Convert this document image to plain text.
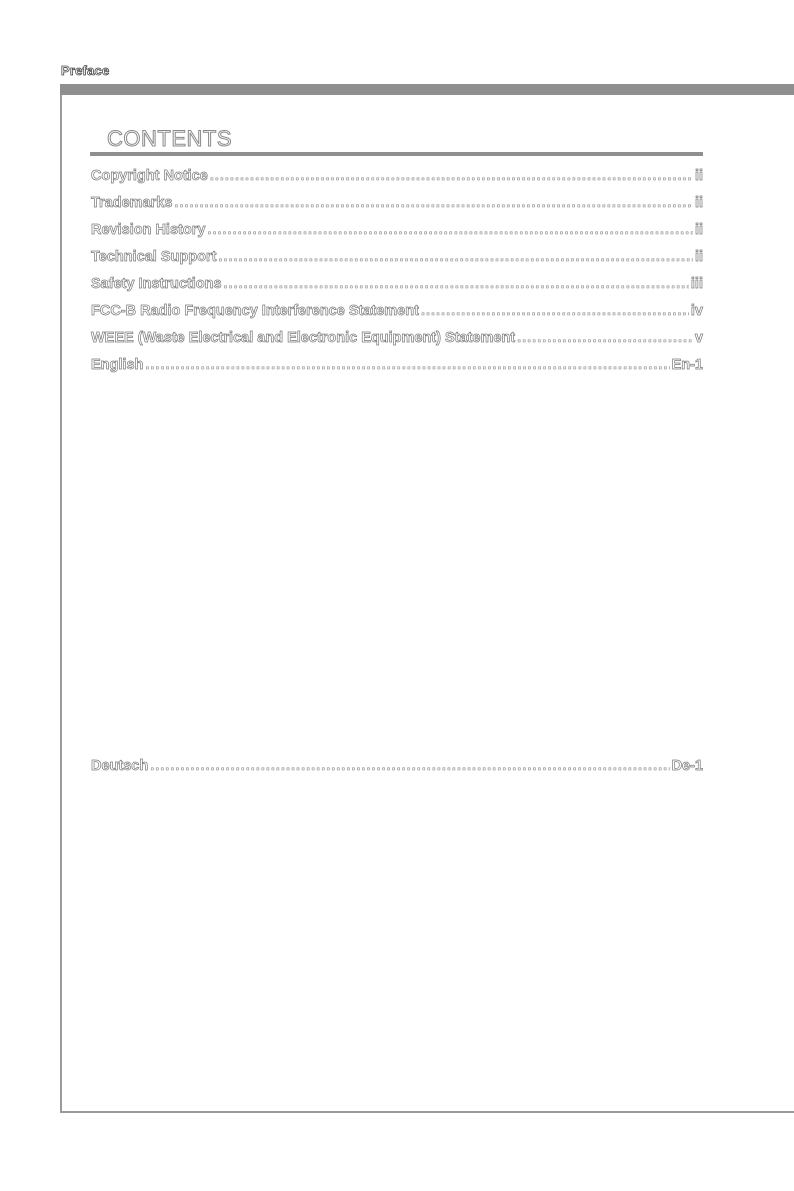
Preface
CONTENTS
Copyright Notice .....	ii
Trademarks .....	ii
Revision History .....	ii
Technical Support .....	ii
Safety Instructions .....	iii
FCC-B Radio Frequency Interference Statement .....	iv
WEEE (Waste Electrical and Electronic Equipment) Statement .....	v
English .....	En-1
Deutsch .....	De-1
